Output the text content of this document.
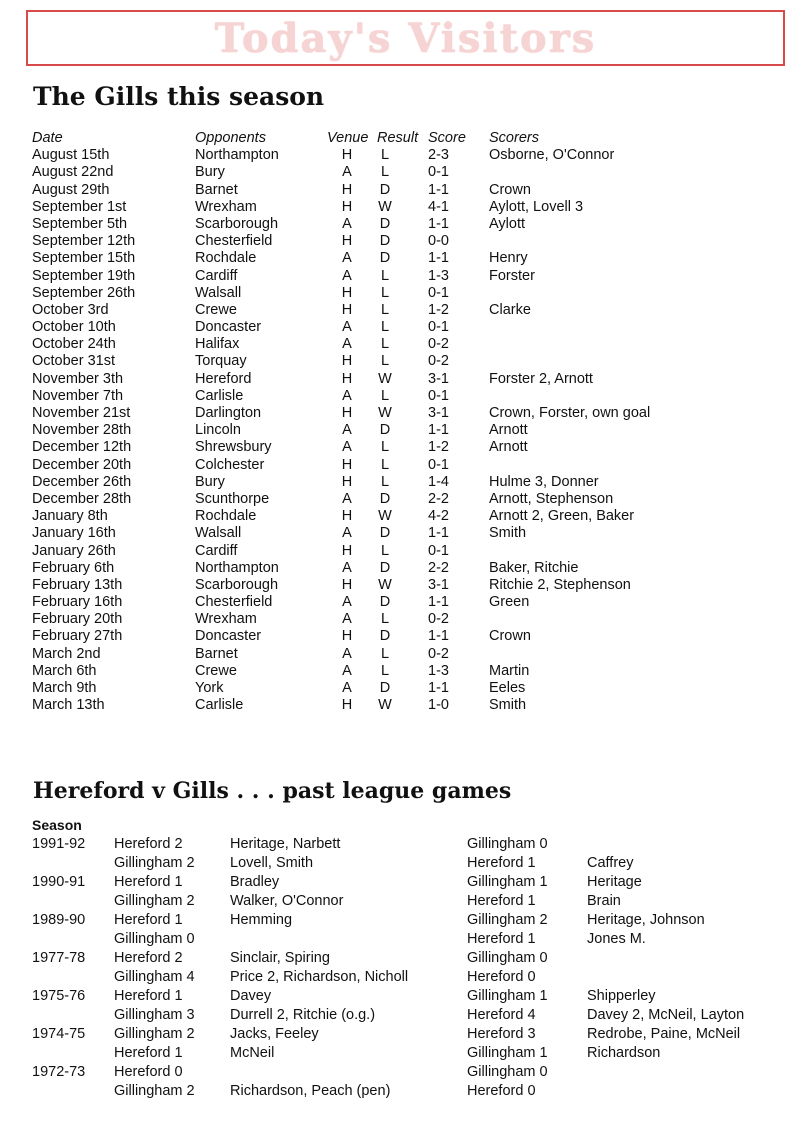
Today's Visitors
The Gills this season
Date	Opponents	Venue Result Score Scorers
August 15th	Northampton	H	L	2-3	Osborne, O'Connor
August 22nd	Bury	A	L	0-1
August 29th	Barnet	H	D	1-1	Crown
September 1st	Wrexham	H	W 4-1	Aylott, Lovell 3
September 5th	Scarborough	A	D	1-1	Aylott
September 12th	Chesterfield	H	D	0-0
September 15th	Rochdale	A	D	1-1	Henry
September 19th	Cardiff	A	L	1-3	Forster
September 26th	Walsall	H	L	0-1
October 3rd	Crewe	H	L	1-2	Clarke
October 10th	Doncaster	A	L	0-1
October 24th	Halifax	A	L	0-2
October 31st	Torquay	H	L	0-2
November 3th	Hereford	H	W 3-1	Forster 2, Arnott
November 7th	Carlisle	A	L	0-1
November 21st	Darlington	H	W 3-1	Crown, Forster, own goal
November 28th	Lincoln	A	D	1-1	Arnott
December 12th	Shrewsbury	A	L	1-2	Arnott
December 20th	Colchester	H	L	0-1
December 26th	Bury	H	L	1-4	Hulme 3, Donner
December 28th	Scunthorpe	A	D	2-2	Arnott, Stephenson
January 8th	Rochdale	H	W 4-2	Arnott 2, Green, Baker
January 16th	Walsall	A	D	1-1	Smith
January 26th	Cardiff	H	L	0-1
February 6th	Northampton	A	D	2-2	Baker, Ritchie
February 13th	Scarborough	H	W 3-1	Ritchie 2, Stephenson
February 16th	Chesterfield	A	D	1-1	Green
February 20th	Wrexham	A	L	0-2
February 27th	Doncaster	H	D	1-1	Crown
March 2nd	Barnet	A	L	0-2
March 6th	Crewe	A	L	1-3	Martin
March 9th	York	A	D	1-1	Eeles
March 13th	Carlisle	H	W 1-0	Smith
Hereford v Gills . . . past league games
Season
1991-92 Hereford 2	Heritage, Narbett	Gillingham 0
Gillingham 2 Lovell, Smith	Hereford 1	Caffrey
1990-91 Hereford 1	Bradley	Gillingham 1	Heritage
Gillingham 2 Walker, O'Connor	Hereford 1	Brain
1989-90 Hereford 1	Hemming	Gillingham 2	Heritage, Johnson
Gillingham 0	Hereford 1	Jones M.
1977-78 Hereford 2	Sinclair, Spiring	Gillingham 0
Gillingham 4 Price 2, Richardson, Nicholl	Hereford 0
1975-76 Hereford 1	Davey	Gillingham 1	Shipperley
Gillingham 3 Durrell 2, Ritchie (o.g.)	Hereford 4	Davey 2, McNeil, Layton
1974-75 Gillingham 2 Jacks, Feeley	Hereford 3	Redrobe, Paine, McNeil
Hereford 1	McNeil	Gillingham 1	Richardson
1972-73 Hereford 0	Gillingham 0
Gillingham 2 Richardson, Peach (pen)	Hereford 0
